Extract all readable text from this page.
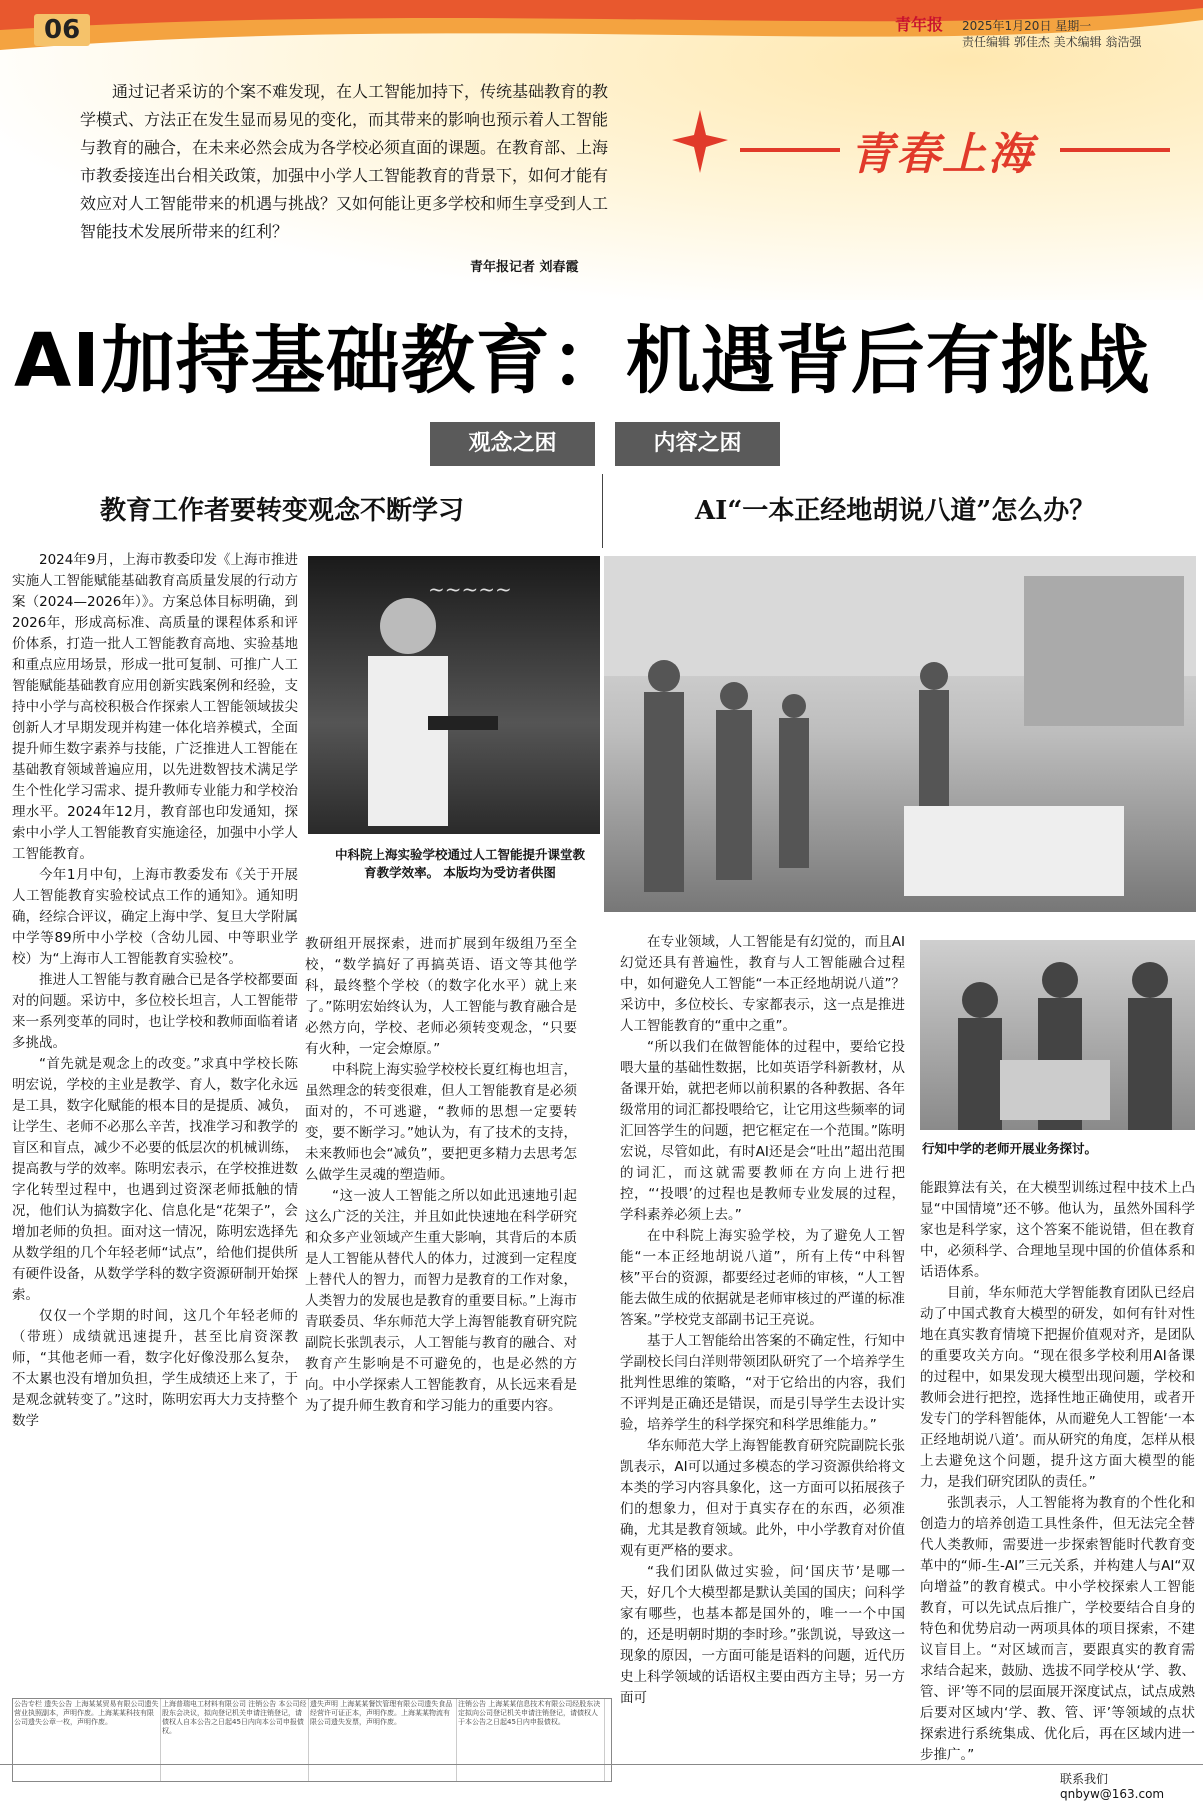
06	青年报 2025年1月20日 星期一
责任编辑 郭佳杰 美术编辑 翁浩强
青春上海
通过记者采访的个案不难发现，在人工智能加持下，传统基础教育的教学模式、方法正在发生显而易见的变化，而其带来的影响也预示着人工智能与教育的融合，在未来必然会成为各学校必须直面的课题。在教育部、上海市教委接连出台相关政策，加强中小学人工智能教育的背景下，如何才能有效应对人工智能带来的机遇与挑战？又如何能让更多学校和师生享受到人工智能技术发展所带来的红利？
青年报记者 刘春霞
AI加持基础教育：机遇背后有挑战
观念之困	内容之困
教育工作者要转变观念不断学习	AI“一本正经地胡说八道”怎么办？
~~~~~
中科院上海实验学校通过人工智能提升课堂教育教学效率。 本版均为受访者供图
行知中学的老师开展业务探讨。

2024年9月，上海市教委印发《上海市推进实施人工智能赋能基础教育高质量发展的行动方案（2024—2026年）》。方案总体目标明确，到2026年，形成高标准、高质量的课程体系和评价体系，打造一批人工智能教育高地、实验基地和重点应用场景，形成一批可复制、可推广人工智能赋能基础教育应用创新实践案例和经验，支持中小学与高校积极合作探索人工智能领域拔尖创新人才早期发现并构建一体化培养模式，全面提升师生数字素养与技能，广泛推进人工智能在基础教育领域普遍应用，以先进数智技术满足学生个性化学习需求、提升教师专业能力和学校治理水平。2024年12月，教育部也印发通知，探索中小学人工智能教育实施途径，加强中小学人工智能教育。

今年1月中旬，上海市教委发布《关于开展人工智能教育实验校试点工作的通知》。通知明确，经综合评议，确定上海中学、复旦大学附属中学等89所中小学校（含幼儿园、中等职业学校）为“上海市人工智能教育实验校”。

推进人工智能与教育融合已是各学校都要面对的问题。采访中，多位校长坦言，人工智能带来一系列变革的同时，也让学校和教师面临着诸多挑战。

“首先就是观念上的改变。”求真中学校长陈明宏说，学校的主业是教学、育人，数字化永远是工具，数字化赋能的根本目的是提质、减负，让学生、老师不必那么辛苦，找准学习和教学的盲区和盲点，减少不必要的低层次的机械训练，提高教与学的效率。陈明宏表示，在学校推进数字化转型过程中，也遇到过资深老师抵触的情况，他们认为搞数字化、信息化是“花架子”，会增加老师的负担。面对这一情况，陈明宏选择先从数学组的几个年轻老师“试点”，给他们提供所有硬件设备，从数学学科的数字资源研制开始探索。

仅仅一个学期的时间，这几个年轻老师的（带班）成绩就迅速提升，甚至比肩资深教师，“其他老师一看，数字化好像没那么复杂，不太累也没有增加负担，学生成绩还上来了，于是观念就转变了。”这时，陈明宏再大力支持整个数学

教研组开展探索，进而扩展到年级组乃至全校，“数学搞好了再搞英语、语文等其他学科，最终整个学校（的数字化水平）就上来了。”陈明宏始终认为，人工智能与教育融合是必然方向，学校、老师必须转变观念，“只要有火种，一定会燎原。”

中科院上海实验学校校长夏红梅也坦言，虽然理念的转变很难，但人工智能教育是必须面对的，不可逃避，“教师的思想一定要转变，要不断学习。”她认为，有了技术的支持，未来教师也会“减负”，要把更多精力去思考怎么做学生灵魂的塑造师。

“这一波人工智能之所以如此迅速地引起这么广泛的关注，并且如此快速地在科学研究和众多产业领域产生重大影响，其背后的本质是人工智能从替代人的体力，过渡到一定程度上替代人的智力，而智力是教育的工作对象，人类智力的发展也是教育的重要目标。”上海市青联委员、华东师范大学上海智能教育研究院副院长张凯表示，人工智能与教育的融合、对教育产生影响是不可避免的，也是必然的方向。中小学探索人工智能教育，从长远来看是为了提升师生教育和学习能力的重要内容。

在专业领域，人工智能是有幻觉的，而且AI幻觉还具有普遍性，教育与人工智能融合过程中，如何避免人工智能“一本正经地胡说八道”？采访中，多位校长、专家都表示，这一点是推进人工智能教育的“重中之重”。

“所以我们在做智能体的过程中，要给它投喂大量的基础性数据，比如英语学科新教材，从备课开始，就把老师以前积累的各种教据、各年级常用的词汇都投喂给它，让它用这些频率的词汇回答学生的问题，把它框定在一个范围。”陈明宏说，尽管如此，有时AI还是会“吐出”超出范围的词汇，而这就需要教师在方向上进行把控，“‘投喂’的过程也是教师专业发展的过程，学科素养必须上去。”

在中科院上海实验学校，为了避免人工智能“一本正经地胡说八道”，所有上传“中科智核”平台的资源，都要经过老师的审核，“人工智能去做生成的依据就是老师审核过的严谨的标准答案。”学校党支部副书记王亮说。

基于人工智能给出答案的不确定性，行知中学副校长闫白洋则带领团队研究了一个培养学生批判性思维的策略，“对于它给出的内容，我们不评判是正确还是错误，而是引导学生去设计实验，培养学生的科学探究和科学思维能力。”

华东师范大学上海智能教育研究院副院长张凯表示，AI可以通过多模态的学习资源供给将文本类的学习内容具象化，这一方面可以拓展孩子们的想象力，但对于真实存在的东西，必须准确，尤其是教育领域。此外，中小学教育对价值观有更严格的要求。

“我们团队做过实验，问‘国庆节’是哪一天，好几个大模型都是默认美国的国庆；问科学家有哪些，也基本都是国外的，唯一一个中国的，还是明朝时期的李时珍。”张凯说，导致这一现象的原因，一方面可能是语料的问题，近代历史上科学领域的话语权主要由西方主导；另一方面可

能跟算法有关，在大模型训练过程中技术上凸显“中国情境”还不够。他认为，虽然外国科学家也是科学家，这个答案不能说错，但在教育中，必须科学、合理地呈现中国的价值体系和话语体系。

目前，华东师范大学智能教育团队已经启动了中国式教育大模型的研发，如何有针对性地在真实教育情境下把握价值观对齐，是团队的重要攻关方向。“现在很多学校利用AI备课的过程中，如果发现大模型出现问题，学校和教师会进行把控，选择性地正确使用，或者开发专门的学科智能体，从而避免人工智能‘一本正经地胡说八道’。而从研究的角度，怎样从根上去避免这个问题，提升这方面大模型的能力，是我们研究团队的责任。”

张凯表示，人工智能将为教育的个性化和创造力的培养创造工具性条件，但无法完全替代人类教师，需要进一步探索智能时代教育变革中的“师-生-AI”三元关系，并构建人与AI“双向增益”的教育模式。中小学校探索人工智能教育，可以先试点后推广，学校要结合自身的特色和优势启动一两项具体的项目探索，不建议盲目上。“对区域而言，要跟真实的教育需求结合起来，鼓励、选拔不同学校从‘学、教、管、评’等不同的层面展开深度试点，试点成熟后要对区域内‘学、教、管、评’等领域的点状探索进行系统集成、优化后，再在区域内进一步推广。”

公告专栏 遗失公告 上海某某贸易有限公司遗失营业执照副本，声明作废。上海某某科技有限公司遗失公章一枚，声明作废。
上海普瑞电工材料有限公司 注销公告 本公司经股东会决议，拟向登记机关申请注销登记，请债权人自本公告之日起45日内向本公司申报债权。
遗失声明 上海某某餐饮管理有限公司遗失食品经营许可证正本，声明作废。上海某某物流有限公司遗失发票，声明作废。
注销公告 上海某某信息技术有限公司经股东决定拟向公司登记机关申请注销登记，请债权人于本公告之日起45日内申报债权。
联系我们 qnbyw@163.com
